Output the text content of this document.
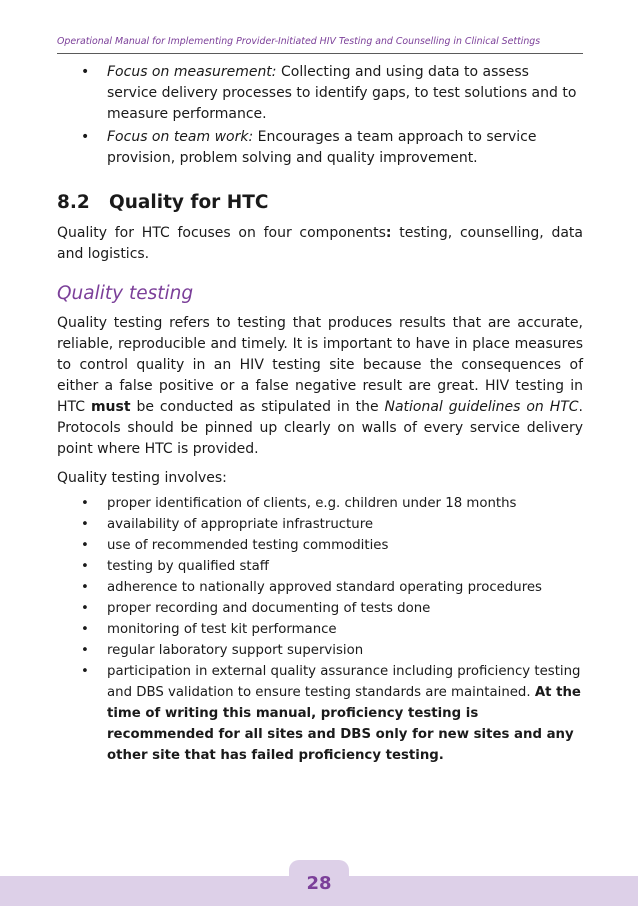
Operational Manual for Implementing Provider-Initiated HIV Testing and Counselling in Clinical Settings
• Focus on measurement: Collecting and using data to assess service delivery processes to identify gaps, to test solutions and to measure performance.
• Focus on team work: Encourages a team approach to service provision, problem solving and quality improvement.
8.2	Quality for HTC

Quality for HTC focuses on four components: testing, counselling, data and logistics.

Quality testing

Quality testing refers to testing that produces results that are accurate, reliable, reproducible and timely. It is important to have in place measures to control quality in an HIV testing site because the consequences of either a false positive or a false negative result are great. HIV testing in HTC must be conducted as stipulated in the National guidelines on HTC. Protocols should be pinned up clearly on walls of every service delivery point where HTC is provided.

Quality testing involves:

• proper identification of clients, e.g. children under 18 months
• availability of appropriate infrastructure
• use of recommended testing commodities
• testing by qualified staff
• adherence to nationally approved standard operating procedures
• proper recording and documenting of tests done
• monitoring of test kit performance
• regular laboratory support supervision
• participation in external quality assurance including proficiency testing and DBS validation to ensure testing standards are maintained. At the time of writing this manual, proficiency testing is recommended for all sites and DBS only for new sites and any other site that has failed proficiency testing.
28
